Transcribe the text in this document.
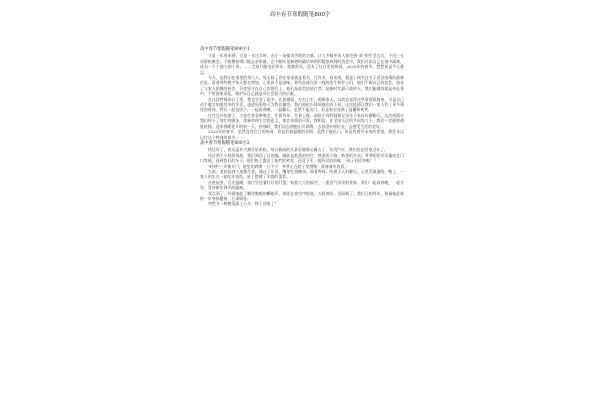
高中春节寒假随笔800字
高中春节寒假随笔800字1

又是一年春来到，又是一年过节时，由于一场暴风雪般的灾难，让大多数中国人体会到"真"的生活方式，不由三五成群相聚会，不敢携家带口地走亲串戚，在不断听见新增的确诊病例和疑似病例的消息中，我们开始自己在家中隔离，成为一个个独立的个体。……大家只能电话拜年、视频拜年，没有了往日里的热闹。2020年的春节，想想真是令人难忘。

今天，是我们在家里的第八天，每天除了待在家里就是看书、写作业、看电视，就是上网关注关于武汉疫情的最新信息，看着那些数字每天都在增加，心里真不是滋味。那些奋战在第一线的医生和护士们，他们不顾自己的安危，放弃了与家人团聚的机会，日夜坚守在自己的岗位上，他们是最美的逆行者，是新时代最可爱的人。我们能做的就是待在家中，不给国家添乱，保护好自己就是对社会最大的贡献。

在这段特殊的日子里，我也学会了很多，比如做饭、打扫卫生、照顾家人。以前总觉得这些事情很简单，可是自己动手做才知道其中的辛苦。爸爸妈妈每天为我们操劳，我们却很少体谅他们的不易。这次疫情让我们一家人有了更多相处的时间，我们一起包饺子、一起看春晚、一起聊天，虽然不能出门，但是家里充满了温馨和欢笑。

往往在外的游子，大家忙着各种聚会、忙着拜年，忙着上班，却很少有时间和父母坐下来好好聊聊天。这次疫情让我们停下了匆忙的脚步，重新审视生活的意义，体会亲情的可贵。我相信，在全国人民的共同努力下，我们一定能够战胜疫情，迎来春暖花开的那一天。到那时，我们再去拥抱山川湖海，去看望亲朋好友，去感受生活的美好。

2020年的春节，虽然没有往日的热闹，但是有着温暖的亲情；虽然不能出门，但是有着对未来的希望。我会永远记住这个特别的春节。

高中春节寒假随笔800字2

快过年了，春运返乡大潮开始来临，每日新闻的头条更被春运霸占了，发动汽车，我们也在回家过年了。

经过两个小时的奔波，我们到达了目的地。眼前是熟悉的村庄，熟悉的小路，熟悉的乡亲。爷爷奶奶早早地站在门口等候，看到我们的车子，他们脸上露出了灿烂的笑容。还没下车，就听见奶奶喊："孩子们回来啦！"

"呼呼"一声推开门，院里的鸡鸭一只不少，爷爷正在院子里劈柴，准备着年夜饭。

大姑、老姑起到大家都忙着，做过了年货，嘴里吃着糖果，闻着香味，听着大人们聊天，心里美滋滋的。晚上，一家人围坐在一起吃年夜饭，桌上摆满了丰盛的菜肴。

走进屋里，灯光温暖，客厅里挂着红红的灯笼，贴着大大的福字，一派喜气洋洋的景象。我们一起看春晚，一起守岁，等待新年钟声的敲响。

零点到了，外面响起了噼里啪啦的鞭炮声，烟花在夜空中绽放，五彩缤纷，美丽极了。我们互相拜年，祝福彼此新的一年身体健康、万事如意。

突然又一种感觉涌上心头：终于回家了！
